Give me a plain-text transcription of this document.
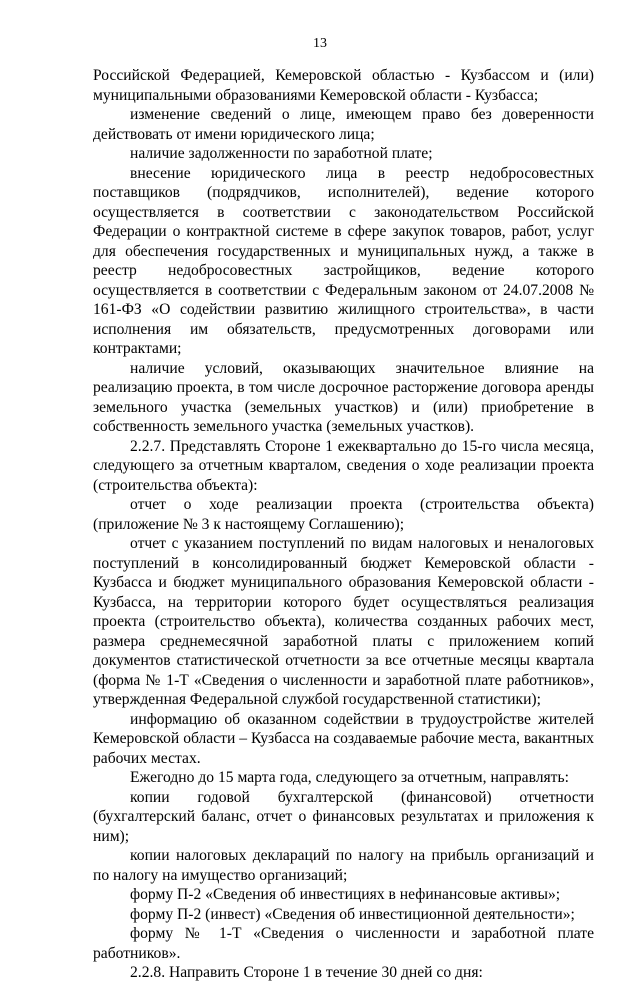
13

Российской Федерацией, Кемеровской областью - Кузбассом и (или) муниципальными образованиями Кемеровской области - Кузбасса;

изменение сведений о лице, имеющем право без доверенности действовать от имени юридического лица;

наличие задолженности по заработной плате;

внесение юридического лица в реестр недобросовестных поставщиков (подрядчиков, исполнителей), ведение которого осуществляется в соответствии с законодательством Российской Федерации о контрактной системе в сфере закупок товаров, работ, услуг для обеспечения государственных и муниципальных нужд, а также в реестр недобросовестных застройщиков, ведение которого осуществляется в соответствии с Федеральным законом от 24.07.2008 № 161-ФЗ «О содействии развитию жилищного строительства», в части исполнения им обязательств, предусмотренных договорами или контрактами;

наличие условий, оказывающих значительное влияние на реализацию проекта, в том числе досрочное расторжение договора аренды земельного участка (земельных участков) и (или) приобретение в собственность земельного участка (земельных участков).

2.2.7. Представлять Стороне 1 ежеквартально до 15-го числа месяца, следующего за отчетным кварталом, сведения о ходе реализации проекта (строительства объекта):

отчет о ходе реализации проекта (строительства объекта) (приложение № 3 к настоящему Соглашению);

отчет с указанием поступлений по видам налоговых и неналоговых поступлений в консолидированный бюджет Кемеровской области - Кузбасса и бюджет муниципального образования Кемеровской области - Кузбасса, на территории которого будет осуществляться реализация проекта (строительство объекта), количества созданных рабочих мест, размера среднемесячной заработной платы с приложением копий документов статистической отчетности за все отчетные месяцы квартала (форма № 1-Т «Сведения о численности и заработной плате работников», утвержденная Федеральной службой государственной статистики);

информацию об оказанном содействии в трудоустройстве жителей Кемеровской области – Кузбасса на создаваемые рабочие места, вакантных рабочих местах.

Ежегодно до 15 марта года, следующего за отчетным, направлять:

копии годовой бухгалтерской (финансовой) отчетности (бухгалтерский баланс, отчет о финансовых результатах и приложения к ним);

копии налоговых деклараций по налогу на прибыль организаций и по налогу на имущество организаций;

форму П-2 «Сведения об инвестициях в нефинансовые активы»;

форму П-2 (инвест) «Сведения об инвестиционной деятельности»;

форму № 1-Т «Сведения о численности и заработной плате работников».

2.2.8. Направить Стороне 1 в течение 30 дней со дня:
